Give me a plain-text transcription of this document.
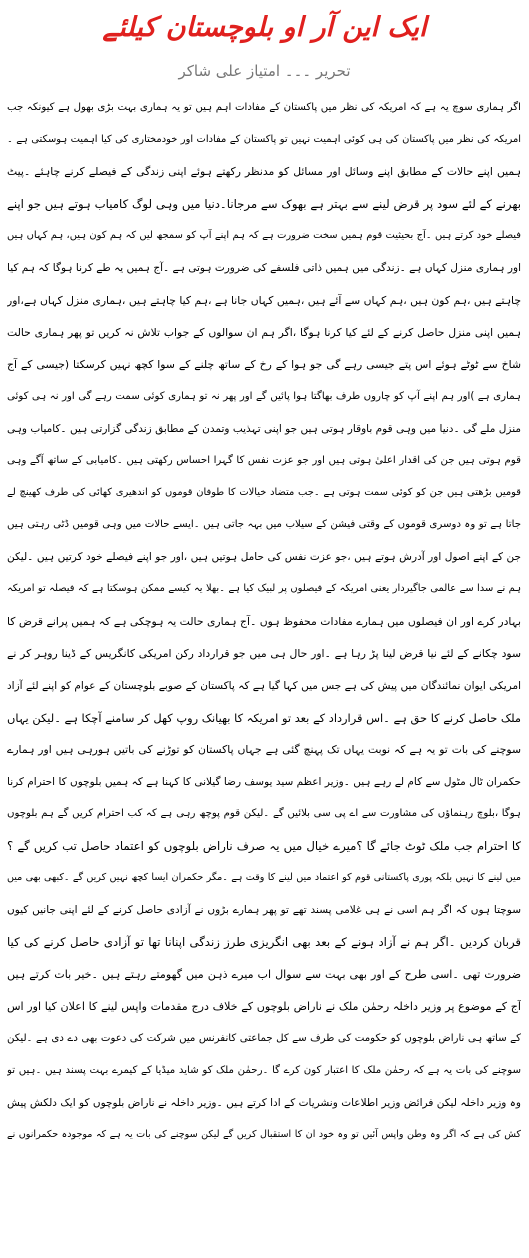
ایک این آر او بلوچستان کیلئے
تحریر ۔۔۔ امتیاز علی شاکر
اگر ہماری سوچ یہ ہے کہ امریکہ کی نظر میں پاکستان کے مفادات اہم ہیں تو یہ ہماری بہت بڑی بھول ہے کیونکہ جب
امریکہ کی نظر میں پاکستان کی ہی کوئی اہمیت نہیں تو پاکستان کے مفادات اور خودمختاری کی کیا اہمیت ہوسکتی ہے ۔
ہمیں اپنے حالات کے مطابق اپنے وسائل اور مسائل کو مدنظر رکھتے ہوئے اپنی زندگی کے فیصلے کرنے چاہئے ۔پیٹ
بھرنے کے لئے سود پر قرض لینے سے بہتر ہے بھوک سے مرجانا۔دنیا میں وہی لوگ کامیاب ہوتے ہیں جو اپنے
فیصلے خود کرتے ہیں ۔آج بحیثیت قوم ہمیں سخت ضرورت ہے کہ ہم اپنے آپ کو سمجھ لیں کہ ہم کون ہیں، ہم کہاں ہیں
اور ہماری منزل کہاں ہے ۔زندگی میں ہمیں ذاتی فلسفے کی ضرورت ہوتی ہے ۔آج ہمیں یہ طے کرنا ہوگا کہ ہم کیا
چاہتے ہیں ،ہم کون ہیں ،ہم کہاں سے آئے ہیں ،ہمیں کہاں جانا ہے ،ہم کیا چاہتے ہیں ،ہماری منزل کہاں ہے،اور
ہمیں اپنی منزل حاصل کرنے کے لئے کیا کرنا ہوگا ،اگر ہم ان سوالوں کے جواب تلاش نہ کریں تو پھر ہماری حالت
شاخ سے ٹوٹے ہوئے اس پتے جیسی رہے گی جو ہوا کے رخ کے ساتھ چلنے کے سوا کچھ نہیں کرسکتا (جیسی کے آج
ہماری ہے )اور ہم اپنے آپ کو چاروں طرف بھاگتا ہوا پائیں گے اور پھر نہ تو ہماری کوئی سمت رہے گی اور نہ ہی کوئی
منزل ملے گی ۔دنیا میں وہی قوم باوقار ہوتی ہیں جو اپنی تہذیب وتمدن کے مطابق زندگی گزارتی ہیں ۔کامیاب وہی
قوم ہوتی ہیں جن کی اقدار اعلیٰ ہوتی ہیں اور جو عزت نفس کا گہرا احساس رکھتی ہیں ۔کامیابی کے ساتھ آگے وہی
قومیں بڑھتی ہیں جن کو کوئی سمت ہوتی ہے ۔جب متضاد خیالات کا طوفان قوموں کو اندھیری کھائی کی طرف کھینچ لے
جاتا ہے تو وہ دوسری قوموں کے وقتی فیشن کے سیلاب میں بہہ جاتی ہیں ۔ایسے حالات میں وہی قومیں ڈٹی رہتی ہیں
جن کے اپنے اصول اور آدرش ہوتے ہیں ،جو عزت نفس کی حامل ہوتیں ہیں ،اور جو اپنے فیصلے خود کرتیں ہیں ۔لیکن
ہم نے سدا سے عالمی جاگیردار یعنی امریکہ کے فیصلوں پر لبیک کیا ہے ۔بھلا یہ کیسے ممکن ہوسکتا ہے کہ فیصلہ تو امریکہ
بہادر کرے اور ان فیصلوں میں ہمارے مفادات محفوظ ہوں ۔آج ہماری حالت یہ ہوچکی ہے کہ ہمیں پرانے قرض کا
سود چکانے کے لئے نیا قرض لینا پڑ رہا ہے ۔اور حال ہی میں جو قرارداد رکن امریکی کانگریس کے ڈینا روہر کر نے
امریکی ایوان نمائندگان میں پیش کی ہے جس میں کہا گیا ہے کہ پاکستان کے صوبے بلوچستان کے عوام کو اپنے لئے آزاد
ملک حاصل کرنے کا حق ہے ۔اس قرارداد کے بعد تو امریکہ کا بھیانک روپ کھل کر سامنے آچکا ہے ۔لیکن یہاں
سوچنے کی بات تو یہ ہے کہ نوبت یہاں تک پہنچ گئی ہے جہاں پاکستان کو توڑنے کی باتیں ہورہی ہیں اور ہمارے
حکمران ٹال مٹول سے کام لے رہے ہیں ۔وزیر اعظم سید یوسف رضا گیلانی کا کہنا ہے کہ ہمیں بلوچوں کا احترام کرنا
ہوگا ،بلوچ رہنماؤں کی مشاورت سے اے پی سی بلائیں گے ۔لیکن قوم پوچھ رہی ہے کہ کب احترام کریں گے ہم بلوچوں
کا احترام جب ملک ٹوٹ جائے گا ؟میرے خیال میں یہ صرف ناراض بلوچوں کو اعتماد حاصل تب کریں گے ؟
میں لینے کا نہیں بلکہ پوری پاکستانی قوم کو اعتماد میں لینے کا وقت ہے ۔مگر حکمران ایسا کچھ نہیں کریں گے ۔کبھی بھی میں
سوچتا ہوں کہ اگر ہم اسی نے ہی غلامی پسند تھے تو پھر ہمارے بڑوں نے آزادی حاصل کرنے کے لئے اپنی جانیں کیوں
قربان کردیں ۔اگر ہم نے آزاد ہونے کے بعد بھی انگریزی طرز زندگی اپنانا تھا تو آزادی حاصل کرنے کی کیا
ضرورت تھی ۔اسی طرح کے اور بھی بہت سے سوال اب میرے ذہن میں گھومتے رہتے ہیں ۔خیر بات کرتے ہیں
آج کے موضوع پر وزیر داخلہ رحمٰن ملک نے ناراض بلوچوں کے خلاف درج مقدمات واپس لینے کا اعلان کیا اور اس
کے ساتھ ہی ناراض بلوچوں کو حکومت کی طرف سے کل جماعتی کانفرنس میں شرکت کی دعوت بھی دے دی ہے ۔لیکن
سوچنے کی بات یہ ہے کہ رحمٰن ملک کا اعتبار کون کرے گا ۔رحمٰن ملک کو شاید میڈیا کے کیمرے بہت پسند ہیں ۔ہیں تو
وہ وزیر داخلہ لیکن فرائض وزیر اطلاعات ونشریات کے ادا کرتے ہیں ۔وزیر داخلہ نے ناراض بلوچوں کو ایک دلکش پیش
کش کی ہے کہ اگر وہ وطن واپس آئیں تو وہ خود ان کا استقبال کریں گے لیکن سوچنے کی بات یہ ہے کہ موجودہ حکمرانوں نے
